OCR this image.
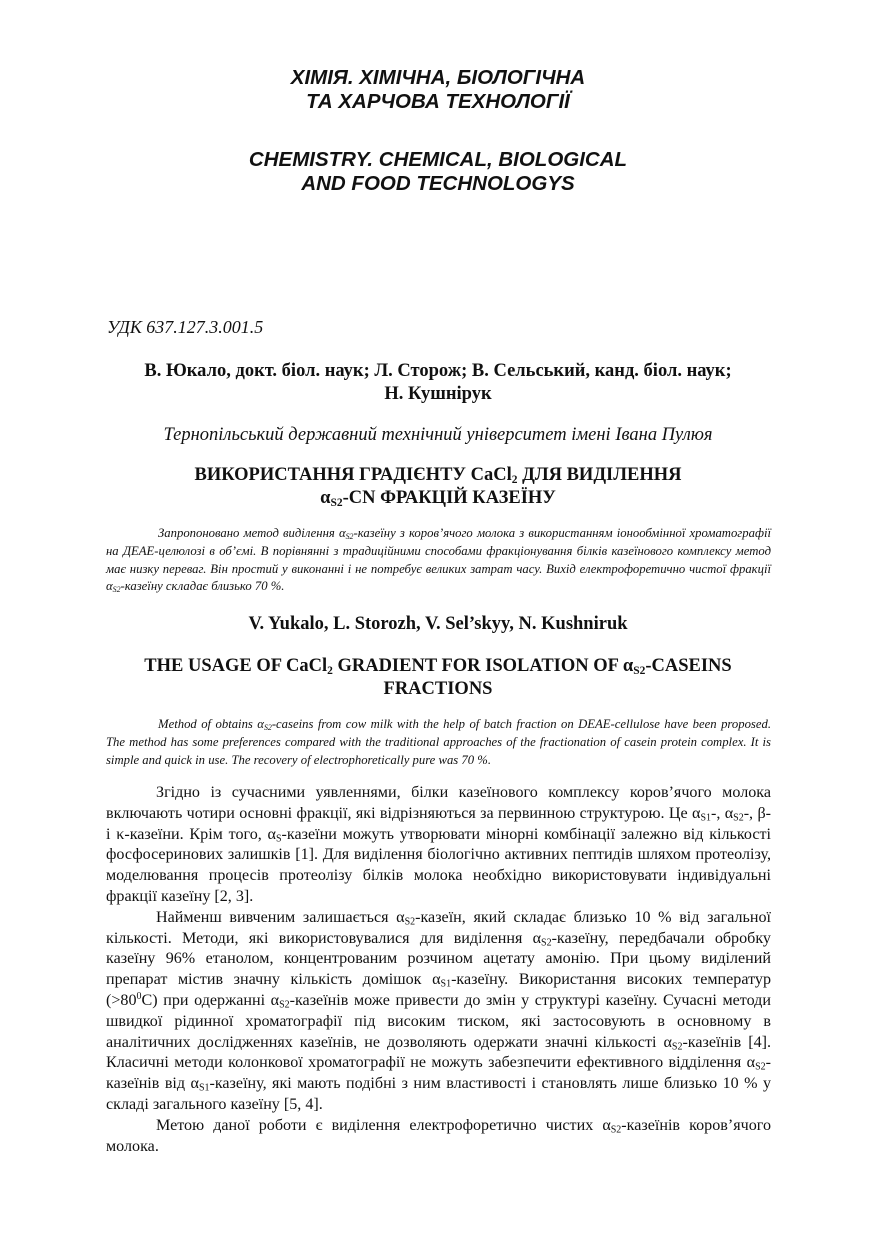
ХІМІЯ. ХІМІЧНА, БІОЛОГІЧНА
ТА ХАРЧОВА ТЕХНОЛОГІЇ
CHEMISTRY. CHEMICAL, BIOLOGICAL
AND FOOD TECHNOLOGYS
УДК 637.127.3.001.5
В. Юкало, докт. біол. наук; Л. Сторож; В. Сельський, канд. біол. наук;
Н. Кушнірук
Тернопільський державний технічний університет імені Івана Пулюя
ВИКОРИСТАННЯ ГРАДІЄНТУ CaCl$_2$ ДЛЯ ВИДІЛЕННЯ
$\alpha_{S2}-CN$ ФРАКЦІЙ КАЗЕЇНУ
Запропоновано метод виділення $\alpha_{S2}$-казеїну з коров’ячого молока з використанням іонообмінної хроматографії на ДЕАЕ-целюлозі в об’ємі. В порівнянні з традиційними способами фракціонування білків казеїнового комплексу метод має низку переваг. Він простий у виконанні і не потребує великих затрат часу. Вихід електрофоретично чистої фракції $\alpha_{S2}$-казеїну складає близько 70 %.
V. Yukalo, L. Storozh, V. Sel’skyy, N. Kushniruk
THE USAGE OF CaCl$_2$ GRADIENT FOR ISOLATION OF $\alpha_{S2}$-CASEINS
FRACTIONS
Method of obtains $\alpha_{S2}$-caseins from cow milk with the help of batch fraction on DEAE-cellulose have been proposed. The method has some preferences compared with the traditional approaches of the fractionation of casein protein complex. It is simple and quick in use. The recovery of electrophoretically pure was 70 %.

Згідно із сучасними уявленнями, білки казеїнового комплексу коров’ячого молока включають чотири основні фракції, які відрізняються за первинною структурою. Це $\alpha_{S1}-$, $\alpha_{S2}-$, β- і κ-казеїни. Крім того, $\alpha_S$-казеїни можуть утворювати мінорні комбінації залежно від кількості фосфосеринових залишків [1]. Для виділення біологічно активних пептидів шляхом протеолізу, моделювання процесів протеолізу білків молока необхідно використовувати індивідуальні фракції казеїну [2, 3].

Найменш вивченим залишається $\alpha_{S2}$-казеїн, який складає близько 10 % від загальної кількості. Методи, які використовувалися для виділення $\alpha_{S2}$-казеїну, передбачали обробку казеїну 96% етанолом, концентрованим розчином ацетату амонію. При цьому виділений препарат містив значну кількість домішок $\alpha_{S1}$-казеїну. Використання високих температур $(>80^0С)$ при одержанні $\alpha_{S2}$-казеїнів може привести до змін у структурі казеїну. Сучасні методи швидкої рідинної хроматографії під високим тиском, які застосовують в основному в аналітичних дослідженнях казеїнів, не дозволяють одержати значні кількості $\alpha_{S2}$-казеїнів [4]. Класичні методи колонкової хроматографії не можуть забезпечити ефективного відділення $\alpha_{S2}$-казеїнів від $\alpha_{S1}$-казеїну, які мають подібні з ним властивості і становлять лише близько 10 % у складі загального казеїну [5, 4].

Метою даної роботи є виділення електрофоретично чистих $\alpha_{S2}$-казеїнів коров’ячого молока.
